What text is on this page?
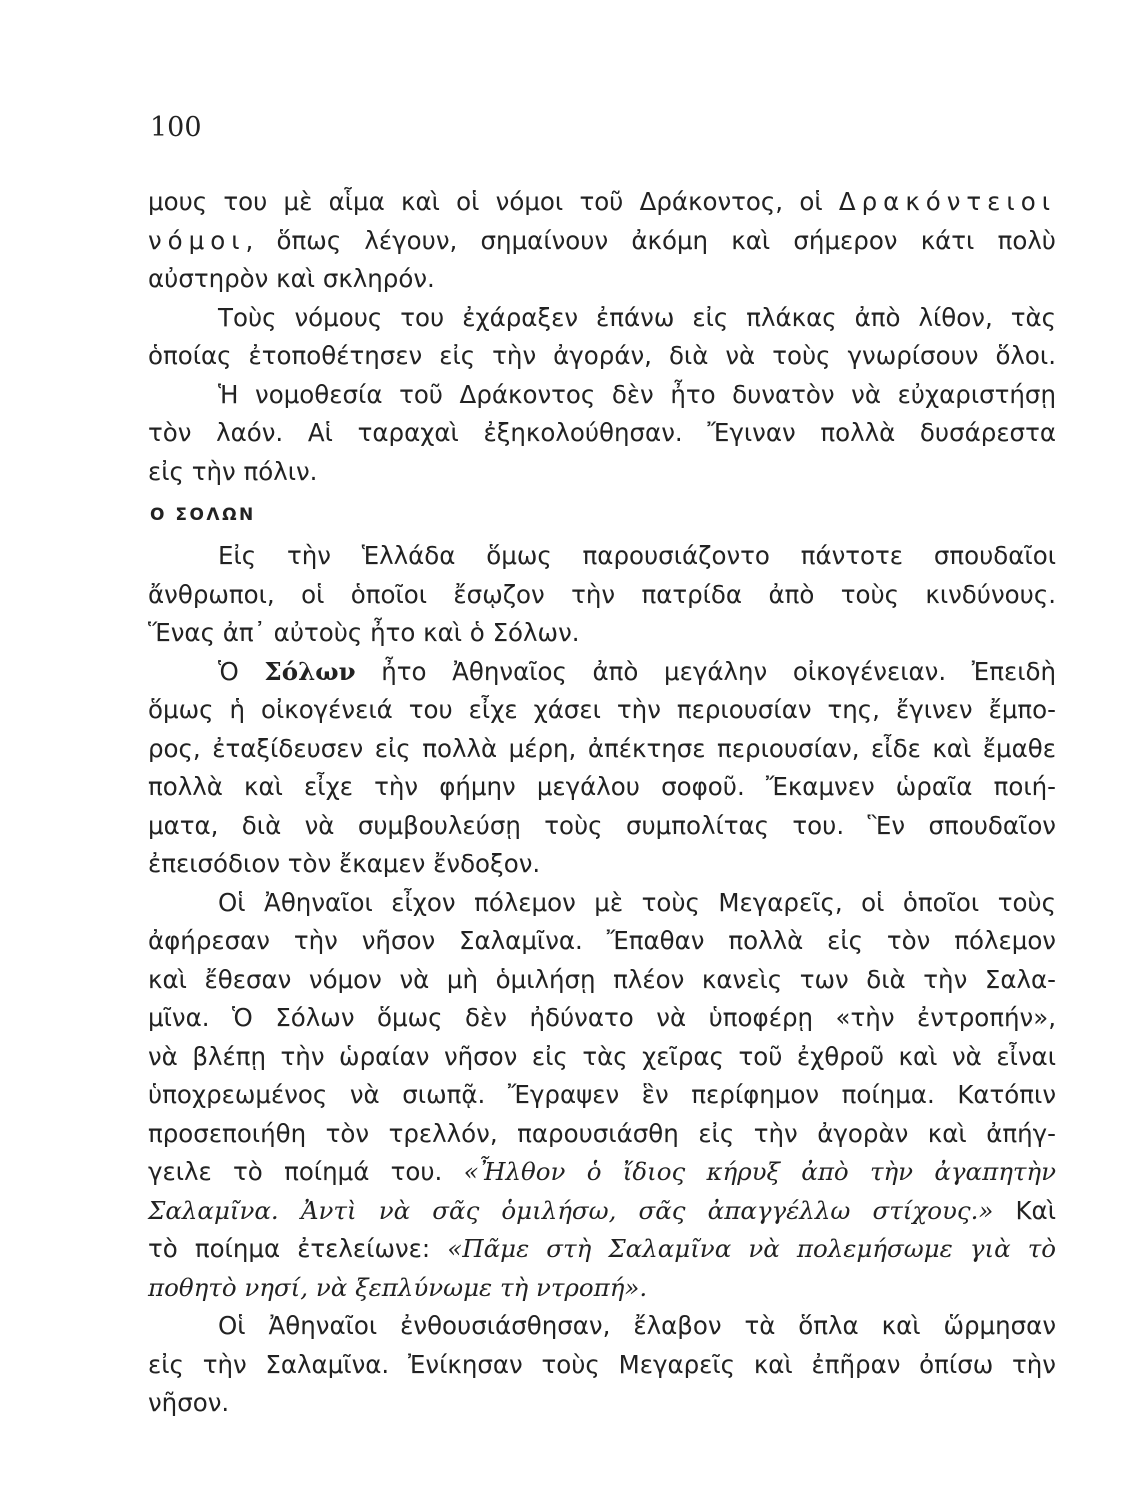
100
μους του μὲ αἷμα καὶ οἱ νόμοι τοῦ Δράκοντος, οἱ Δρακόντειοι
νόμοι, ὅπως λέγουν, σημαίνουν ἀκόμη καὶ σήμερον κάτι πολὺ
αὐστηρὸν καὶ σκληρόν.
Τοὺς νόμους του ἐχάραξεν ἐπάνω εἰς πλάκας ἀπὸ λίθον, τὰς
ὁποίας ἐτοποθέτησεν εἰς τὴν ἀγοράν, διὰ νὰ τοὺς γνωρίσουν ὅλοι.
Ἡ νομοθεσία τοῦ Δράκοντος δὲν ἦτο δυνατὸν νὰ εὐχαριστήσῃ
τὸν λαόν. Αἱ ταραχαὶ ἐξηκολούθησαν. Ἔγιναν πολλὰ δυσάρεστα
εἰς τὴν πόλιν.
Ο ΣΟΛΩΝ
Εἰς τὴν Ἑλλάδα ὅμως παρουσιάζοντο πάντοτε σπουδαῖοι
ἄνθρωποι, οἱ ὁποῖοι ἔσῳζον τὴν πατρίδα ἀπὸ τοὺς κινδύνους.
Ἕνας ἀπ᾽ αὐτοὺς ἦτο καὶ ὁ Σόλων.
Ὁ Σόλων ἦτο Ἀθηναῖος ἀπὸ μεγάλην οἰκογένειαν. Ἐπειδὴ
ὅμως ἡ οἰκογένειά του εἶχε χάσει τὴν περιουσίαν της, ἔγινεν ἔμπο-
ρος, ἐταξίδευσεν εἰς πολλὰ μέρη, ἀπέκτησε περιουσίαν, εἶδε καὶ ἔμαθε
πολλὰ καὶ εἶχε τὴν φήμην μεγάλου σοφοῦ. Ἔκαμνεν ὡραῖα ποιή-
ματα, διὰ νὰ συμβουλεύσῃ τοὺς συμπολίτας του. Ἓν σπουδαῖον
ἐπεισόδιον τὸν ἔκαμεν ἔνδοξον.
Οἱ Ἀθηναῖοι εἶχον πόλεμον μὲ τοὺς Μεγαρεῖς, οἱ ὁποῖοι τοὺς
ἀφήρεσαν τὴν νῆσον Σαλαμῖνα. Ἔπαθαν πολλὰ εἰς τὸν πόλεμον
καὶ ἔθεσαν νόμον νὰ μὴ ὁμιλήσῃ πλέον κανεὶς των διὰ τὴν Σαλα-
μῖνα. Ὁ Σόλων ὅμως δὲν ἠδύνατο νὰ ὑποφέρῃ «τὴν ἐντροπήν»,
νὰ βλέπῃ τὴν ὡραίαν νῆσον εἰς τὰς χεῖρας τοῦ ἐχθροῦ καὶ νὰ εἶναι
ὑποχρεωμένος νὰ σιωπᾷ. Ἔγραψεν ἓν περίφημον ποίημα. Κατόπιν
προσεποιήθη τὸν τρελλόν, παρουσιάσθη εἰς τὴν ἀγορὰν καὶ ἀπήγ-
γειλε τὸ ποίημά του. «Ἦλθον ὁ ἴδιος κήρυξ ἀπὸ τὴν ἀγαπητὴν
Σαλαμῖνα. Ἀντὶ νὰ σᾶς ὁμιλήσω, σᾶς ἀπαγγέλλω στίχους.» Καὶ
τὸ ποίημα ἐτελείωνε: «Πᾶμε στὴ Σαλαμῖνα νὰ πολεμήσωμε γιὰ τὸ
ποθητὸ νησί, νὰ ξεπλύνωμε τὴ ντροπή».
Οἱ Ἀθηναῖοι ἐνθουσιάσθησαν, ἔλαβον τὰ ὅπλα καὶ ὥρμησαν
εἰς τὴν Σαλαμῖνα. Ἐνίκησαν τοὺς Μεγαρεῖς καὶ ἐπῆραν ὀπίσω τὴν
νῆσον.
